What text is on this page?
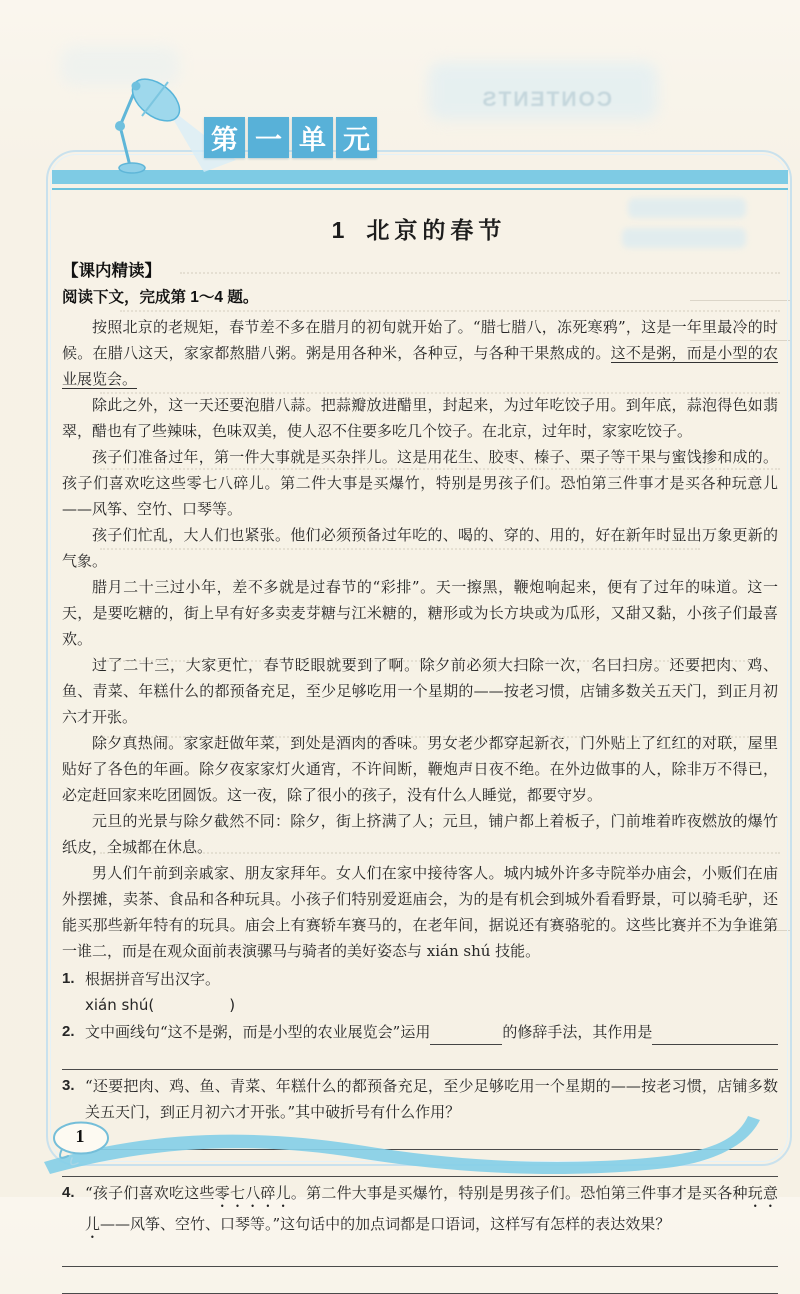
CONTENTS
第 一 单 元
1 北京的春节
【课内精读】
阅读下文，完成第 1～4 题。

按照北京的老规矩，春节差不多在腊月的初旬就开始了。“腊七腊八，冻死寒鸦”，这是一年里最冷的时候。在腊八这天，家家都熬腊八粥。粥是用各种米，各种豆，与各种干果熬成的。这不是粥，而是小型的农业展览会。

除此之外，这一天还要泡腊八蒜。把蒜瓣放进醋里，封起来，为过年吃饺子用。到年底，蒜泡得色如翡翠，醋也有了些辣味，色味双美，使人忍不住要多吃几个饺子。在北京，过年时，家家吃饺子。

孩子们准备过年，第一件大事就是买杂拌儿。这是用花生、胶枣、榛子、栗子等干果与蜜饯掺和成的。孩子们喜欢吃这些零七八碎儿。第二件大事是买爆竹，特别是男孩子们。恐怕第三件事才是买各种玩意儿——风筝、空竹、口琴等。

孩子们忙乱，大人们也紧张。他们必须预备过年吃的、喝的、穿的、用的，好在新年时显出万象更新的气象。

腊月二十三过小年，差不多就是过春节的“彩排”。天一擦黑，鞭炮响起来，便有了过年的味道。这一天，是要吃糖的，街上早有好多卖麦芽糖与江米糖的，糖形或为长方块或为瓜形，又甜又黏，小孩子们最喜欢。

过了二十三，大家更忙，春节眨眼就要到了啊。除夕前必须大扫除一次，名曰扫房。还要把肉、鸡、鱼、青菜、年糕什么的都预备充足，至少足够吃用一个星期的——按老习惯，店铺多数关五天门，到正月初六才开张。

除夕真热闹。家家赶做年菜，到处是酒肉的香味。男女老少都穿起新衣，门外贴上了红红的对联，屋里贴好了各色的年画。除夕夜家家灯火通宵，不许间断，鞭炮声日夜不绝。在外边做事的人，除非万不得已，必定赶回家来吃团圆饭。这一夜，除了很小的孩子，没有什么人睡觉，都要守岁。

元旦的光景与除夕截然不同：除夕，街上挤满了人；元旦，铺户都上着板子，门前堆着昨夜燃放的爆竹纸皮，全城都在休息。

男人们午前到亲戚家、朋友家拜年。女人们在家中接待客人。城内城外许多寺院举办庙会，小贩们在庙外摆摊，卖茶、食品和各种玩具。小孩子们特别爱逛庙会，为的是有机会到城外看看野景，可以骑毛驴，还能买那些新年特有的玩具。庙会上有赛轿车赛马的，在老年间，据说还有赛骆驼的。这些比赛并不为争谁第一谁二，而是在观众面前表演骡马与骑者的美好姿态与 xián shú 技能。

1. 根据拼音写出汉字。
xián shú(　　　　　)
2. 文中画线句“这不是粥，而是小型的农业展览会”运用	的修辞手法，其作用是
3. “还要把肉、鸡、鱼、青菜、年糕什么的都预备充足，至少足够吃用一个星期的——按老习惯，店铺多数关五天门，到正月初六才开张。”其中破折号有什么作用？
4. “孩子们喜欢吃这些零七八碎儿。第二件大事是买爆竹，特别是男孩子们。恐怕第三件事才是买各种玩意儿——风筝、空竹、口琴等。”这句话中的加点词都是口语词，这样写有怎样的表达效果？
1
